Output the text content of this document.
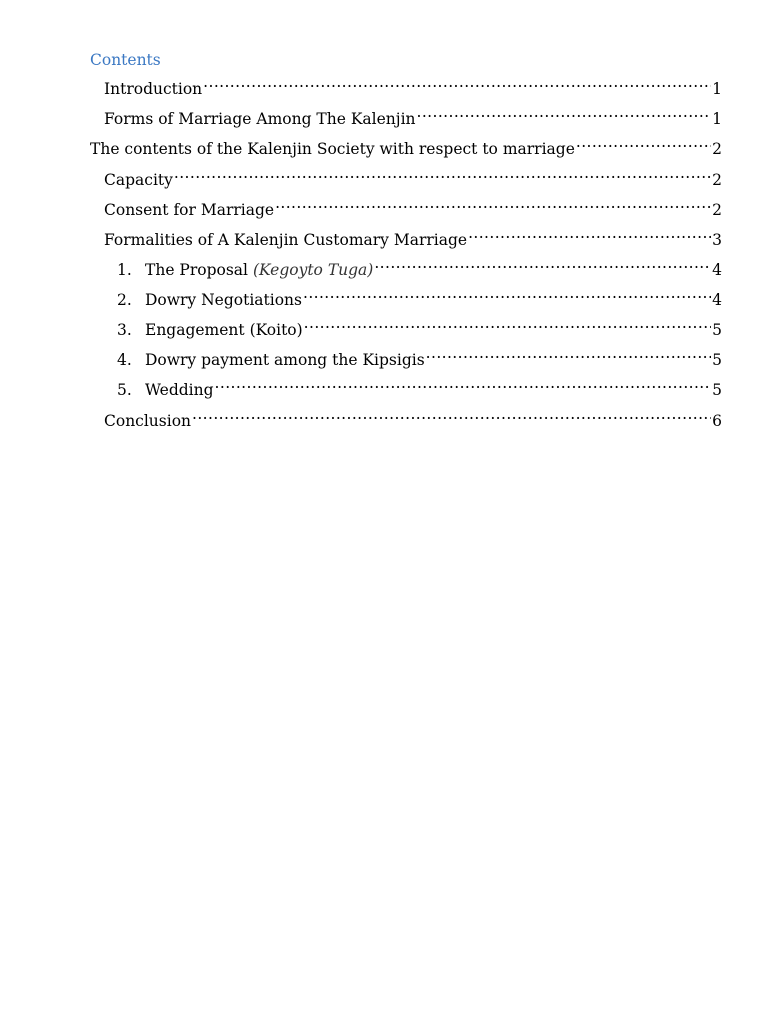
Contents
Introduction .....	1
Forms of Marriage Among The Kalenjin .....	1
The contents of the Kalenjin Society with respect to marriage .....	2
Capacity .....	2
Consent for Marriage .....	2
Formalities of A Kalenjin Customary Marriage .....	3
1. The Proposal (Kegoyto Tuga) .....	4
2. Dowry Negotiations .....	4
3. Engagement (Koito) .....	5
4. Dowry payment among the Kipsigis .....	5
5. Wedding .....	5
Conclusion .....	6
